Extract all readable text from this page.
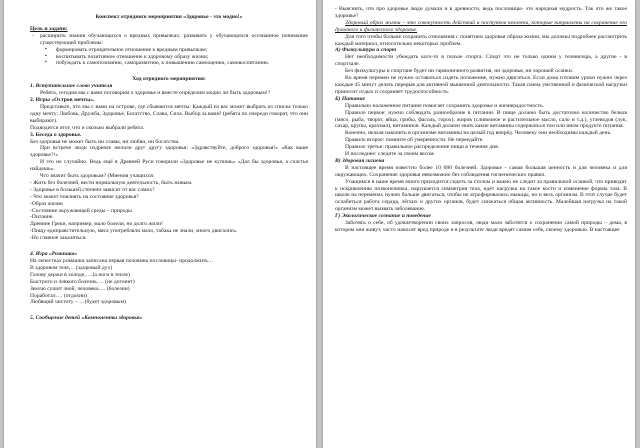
Конспект отрядного мероприятия «Здоровье - это модно!»

Цель и задачи:

- расширить знания обучающихся о вредных привычках; развивать у обучающихся осознанное понимание существующей проблемы:

▪ формировать отрицательное отношение к вредным привычкам;

▪ воспитывать позитивное отношение к здоровому образу жизни;

▪ побуждать к самопознанию, саморазвитию, к повышению самооценки, самовоспитанию.

Ход отрядного мероприятия:

1. Вступительное слово учителя

Ребята, сегодня мы с вами поговорим о здоровье и вместе определим модно ли быть здоровым!?

2. Игры «Остров мечты».

Представьте, что мы с вами на острове, где сбываются мечты. Каждый из вас может выбрать из списка только одну мечту: Любовь, Дружба, Здоровье, Богатство, Слава, Сила. Выбор за вами! (ребята по очереди говорят, что они выбирают).

Подводится итог, что и сколько выбрали ребята.

3. Беседа о здоровье.

Без здоровья не может быть ни славы, ни любви, ни богатства.

При встрече люди издревле желали друг другу здоровья: «Здравствуйте, доброго здоровья!» «Как ваше здоровье?!»

И это не случайно. Ведь ещё в Древней Руси говорили «Здоровье не купишь» «Дал бы здоровья, а счастья найдешь».

Что значит быть здоровым? (Мнения учащихся:

- Жить без болезней, вести нормальную деятельность, быть живым.

- Здоровье в большей степени зависит от вас самих?

- Что может повлиять на состояние здоровья?

-Образ жизни

-Состояние окружающей среды – природы

-Питание.

Древние Греки, например, мало болели, но долго жили!

-Пищу едиправстительную, мяса употребляли мало, табака не знали, много двигались.

-Но главное закаляться.

4. Игра «Ромашка»

На лепестках ромашки записана первая половина пословицы- продолжить…

В здоровом теле,…(здоровый дух)

Голову держи в холоде,….(а ноги в тепле)

Быстрого и ловкого болезнь…. (не догонит)

Землю сушит зной, человека…. (болезни)

Поработал…. (отдохни)

Любящий чистоту – …(будет здоровым)

5. Сообщение детей «Компоненты здоровья»

- Выяснить, что про здоровье люди думали и в древности, ведь пословицы- это народная мудрость. Так что же такое здоровье?

Здоровый образ жизни – это совокупность действий и поступков человека, которые направлены на сохранение его духовного и физического здоровья.

Для того чтобы больше сохранить отношения с понятием здоровья образа жизни, мы должны подробнее рассмотреть каждый материал, относительно некоторых проблем.

А) Физкультура и спорт

Нет необходимости убеждать кого-то в пользе спорта. Спорт это не только одним у телевизора, а другие - в спортзале.

Без физкультуры и спортане будет ни гармоничного развития, ни здоровья, ни хорошей осанки.

Во время перемен не нужно оставаться сидеть положение, нужно двигаться. Если дома готовим уроки нужно через каждые 45 минут делать перерыв для активной мышечной деятельности. Такая смена умственной и физической нагрузки приносит отдых и сохраняет трудоспособность.

Б) Питание

Правильно налаженное питание помогает сохранить здоровье и жизнерадостность.

Правило первое: нужно соблюдать разнообразие в питании. В пище должно быть достаточно количество белков (мясо, рыба, творог, яйца, грибы, фасоль, горох), жиров (сливочное и растительное масло, сало и т.д.), углеводов (лук, сахар, крупы, крахмал), витаминов. Каждый должен знать какие витамины содержаться том или ином продукте питания.

Конечно, нельзя накопить в организме витамины на целый год вперёд. Человеку они необходимы каждый день.

Правило второе: помните об умеренности. Не переедайте.

Правило третье: правильное распределение пищи в течение дня.

И последнее: следите за своим весом.

В) Здоровая гигиена

В настоящее время известно более 10 000 болезней. Здоровье - самая большая ценность и для человека и для окружающих. Сохранение здоровья невозможно без соблюдения гигиенических правил.

Учащимся в наше время много приходится сидеть за столом и важно не следит за правильной осанкой, что приводит к искривлению позвоночника, нарушается симметрия тела, идёт нагрузка на такое кости и изменение формы таза. В школе на переменах нужно больше двигаться, чтобы не атрофировались мышцы, но и весь организм. В этот случае будет ослабиться работа сердца, лёгких и других органов, будет снижаться общая активность. Малейшая нагрузка на такой организм может вызвать заболевание.

Г) Экологическое сознание и поведение

Заботясь о себе, об удовлетворении своих запросов, люди мало заботятся о сохранении самой природы – дома, в котором они живут, часто наносят вред природе и в результате люди вредят самим себе, своему здоровью. В настоящее
